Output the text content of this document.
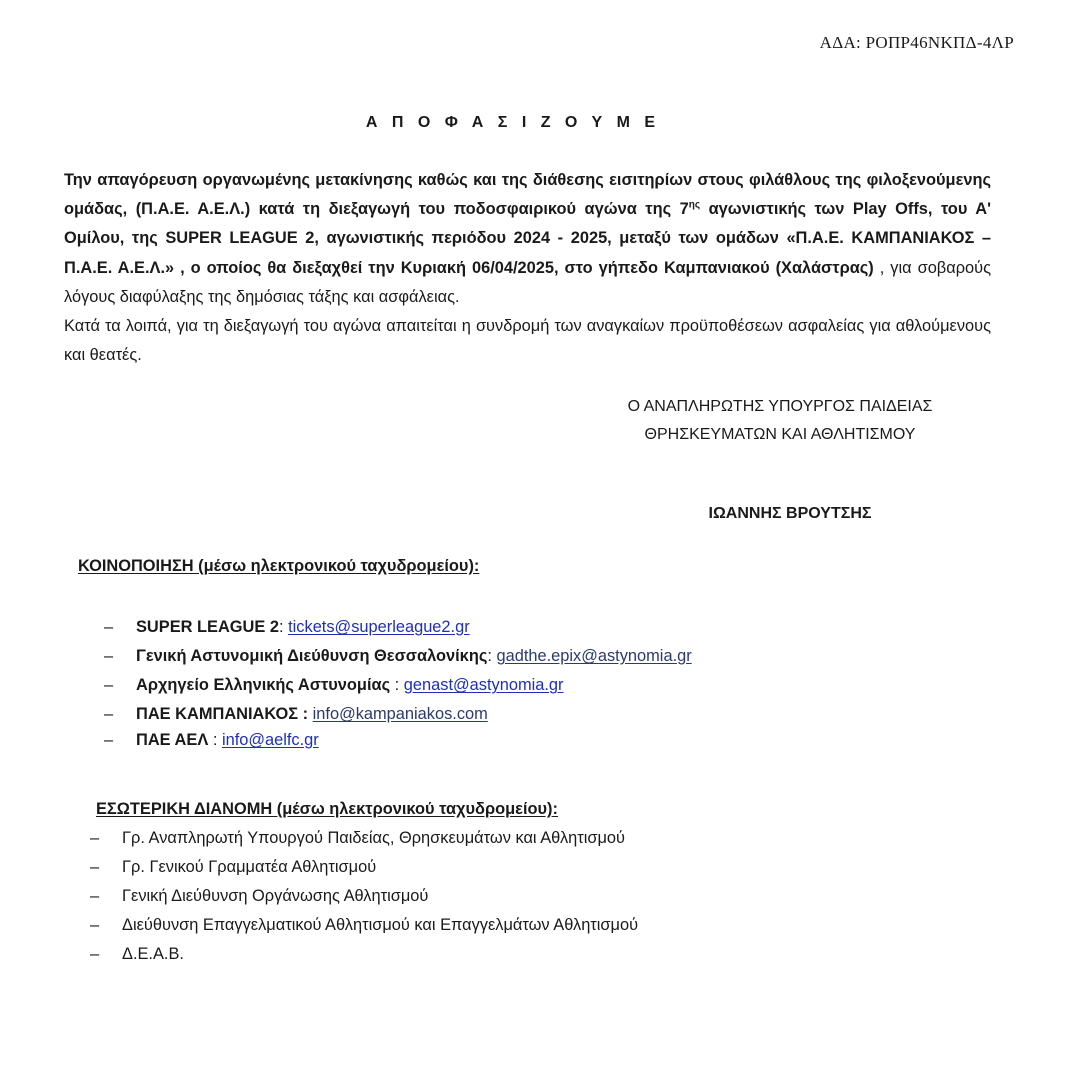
ΑΔΑ: ΡΟΠΡ46ΝΚΠΔ-4ΛΡ
Α Π Ο Φ Α Σ Ι Ζ Ο Υ Μ Ε
Την απαγόρευση οργανωμένης μετακίνησης καθώς και της διάθεσης εισιτηρίων στους φιλάθλους της φιλοξενούμενης ομάδας, (Π.Α.Ε. Α.Ε.Λ.) κατά τη διεξαγωγή του ποδοσφαιρικού αγώνα της $7^{\eta\varsigma}$ αγωνιστικής των Play Offs, του Α' Ομίλου, της SUPER LEAGUE 2, αγωνιστικής περιόδου 2024 - 2025, μεταξύ των ομάδων «Π.Α.Ε. ΚΑΜΠΑΝΙΑΚΟΣ – Π.Α.Ε. Α.Ε.Λ.» , ο οποίος θα διεξαχθεί την Κυριακή 06/04/2025, στο γήπεδο Καμπανιακού (Χαλάστρας) , για σοβαρούς λόγους διαφύλαξης της δημόσιας τάξης και ασφάλειας.
Κατά τα λοιπά, για τη διεξαγωγή του αγώνα απαιτείται η συνδρομή των αναγκαίων προϋποθέσεων ασφαλείας για αθλούμενους και θεατές.
Ο ΑΝΑΠΛΗΡΩΤΗΣ ΥΠΟΥΡΓΟΣ ΠΑΙΔΕΙΑΣ
ΘΡΗΣΚΕΥΜΑΤΩΝ ΚΑΙ ΑΘΛΗΤΙΣΜΟΥ
ΙΩΑΝΝΗΣ ΒΡΟΥΤΣΗΣ
ΚΟΙΝΟΠΟΙΗΣΗ (μέσω ηλεκτρονικού ταχυδρομείου):
–	SUPER LEAGUE 2 : tickets@superleague2.gr
–	Γενική Αστυνομική Διεύθυνση Θεσσαλονίκης : gadthe.epix@astynomia.gr
–	Αρχηγείο Ελληνικής Αστυνομίας : genast@astynomia.gr
–	ΠΑΕ ΚΑΜΠΑΝΙΑΚΟΣ :
info@kampaniakos.com
–	ΠΑΕ ΑΕΛ : info@aelfc.gr
ΕΣΩΤΕΡΙΚΗ ΔΙΑΝΟΜΗ (μέσω ηλεκτρονικού ταχυδρομείου):
–	Γρ. Αναπληρωτή Υπουργού Παιδείας, Θρησκευμάτων και Αθλητισμού
–	Γρ. Γενικού Γραμματέα Αθλητισμού
–	Γενική Διεύθυνση Οργάνωσης Αθλητισμού
–	Διεύθυνση Επαγγελματικού Αθλητισμού και Επαγγελμάτων Αθλητισμού
–	Δ.Ε.Α.Β.
